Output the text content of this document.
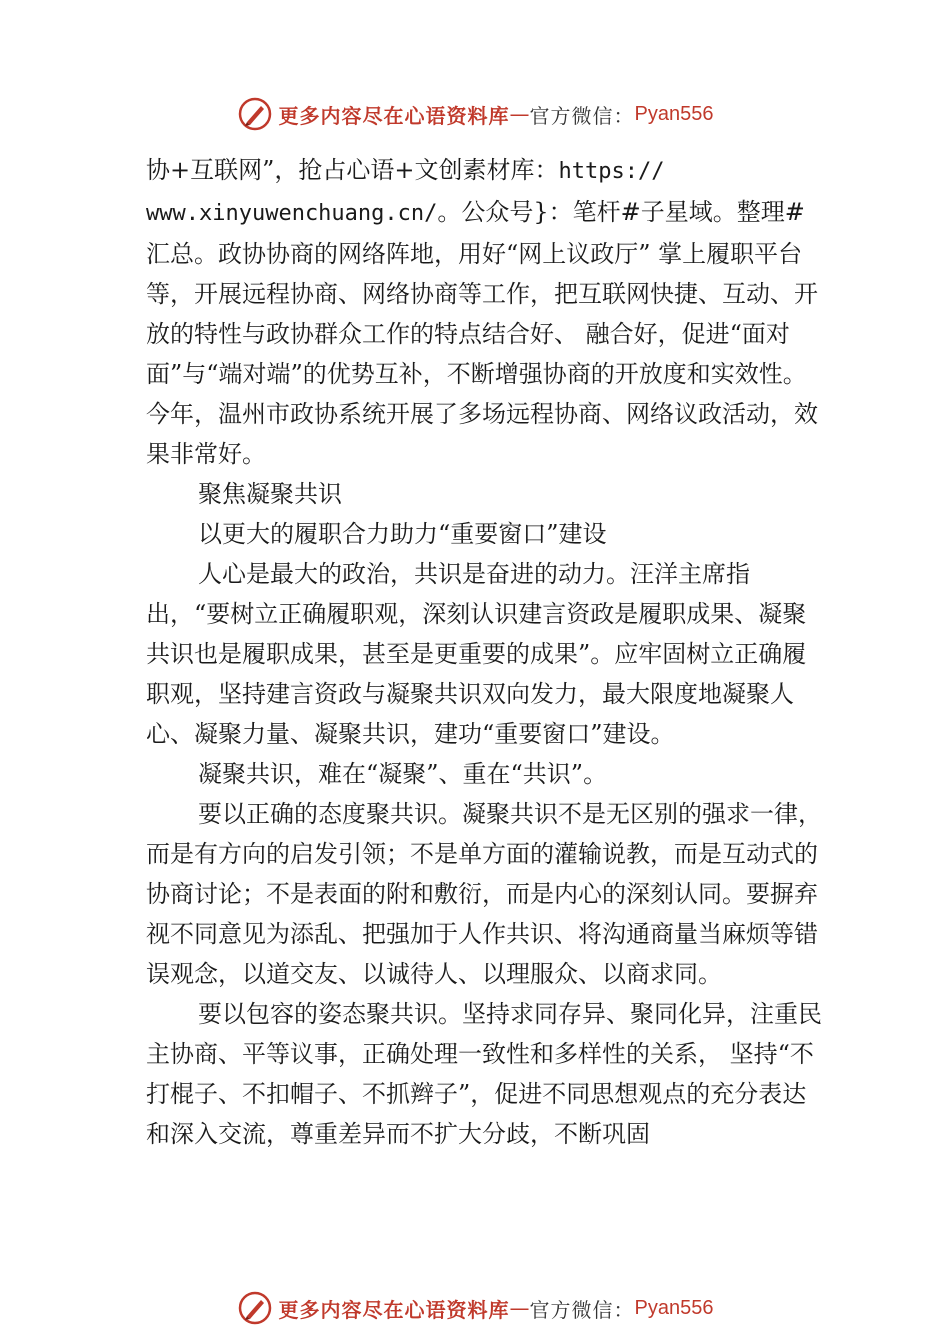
更多内容尽在心语资料库 — 官方微信： Pyan556

协+互联网”，抢占心语+文创素材库：https://
www.xinyuwenchuang.cn/。公众号}：笔杆#子星域。整理#汇总。政协协商的网络阵地，用好“网上议政厅” 掌上履职平台等，开展远程协商、网络协商等工作，把互联网快捷、互动、开放的特性与政协群众工作的特点结合好、 融合好，促进“面对面”与“端对端”的优势互补，不断增强协商的开放度和实效性。今年，温州市政协系统开展了多场远程协商、网络议政活动，效果非常好。

聚焦凝聚共识

以更大的履职合力助力“重要窗口”建设

人心是最大的政治，共识是奋进的动力。汪洋主席指出，“要树立正确履职观，深刻认识建言资政是履职成果、凝聚共识也是履职成果，甚至是更重要的成果”。应牢固树立正确履职观，坚持建言资政与凝聚共识双向发力，最大限度地凝聚人心、凝聚力量、凝聚共识，建功“重要窗口”建设。

凝聚共识，难在“凝聚”、重在“共识”。

要以正确的态度聚共识。凝聚共识不是无区别的强求一律，而是有方向的启发引领；不是单方面的灌输说教，而是互动式的协商讨论；不是表面的附和敷衍，而是内心的深刻认同。要摒弃视不同意见为添乱、把强加于人作共识、将沟通商量当麻烦等错误观念，以道交友、以诚待人、以理服众、以商求同。

要以包容的姿态聚共识。坚持求同存异、聚同化异，注重民主协商、平等议事，正确处理一致性和多样性的关系， 坚持“不打棍子、不扣帽子、不抓辫子”，促进不同思想观点的充分表达和深入交流，尊重差异而不扩大分歧，不断巩固

更多内容尽在心语资料库 — 官方微信： Pyan556
